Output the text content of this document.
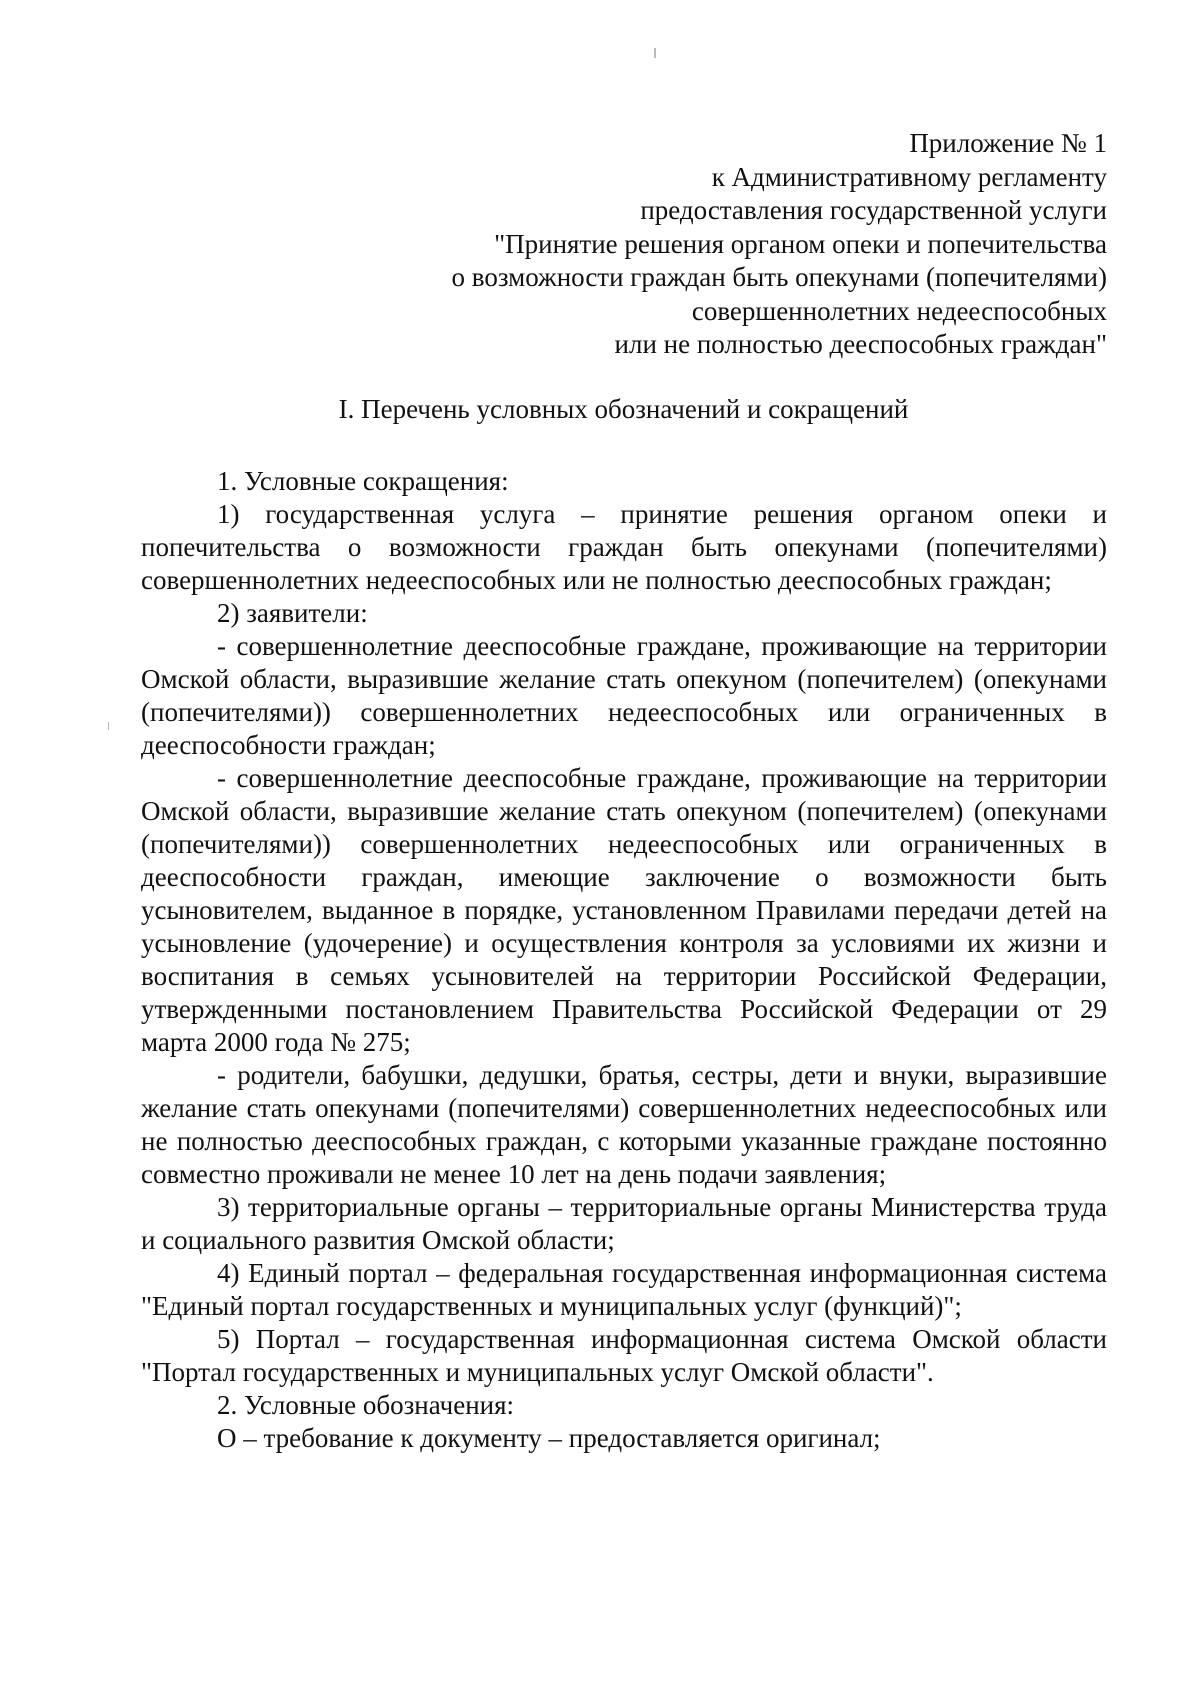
Приложение № 1
к Административному регламенту
предоставления государственной услуги
"Принятие решения органом опеки и попечительства
о возможности граждан быть опекунами (попечителями)
совершеннолетних недееспособных
или не полностью дееспособных граждан"
I. Перечень условных обозначений и сокращений

1. Условные сокращения:

1) государственная услуга – принятие решения органом опеки и попечительства о возможности граждан быть опекунами (попечителями) совершеннолетних недееспособных или не полностью дееспособных граждан;

2) заявители:

- совершеннолетние дееспособные граждане, проживающие на территории Омской области, выразившие желание стать опекуном (попечителем) (опекунами (попечителями)) совершеннолетних недееспособных или ограниченных в дееспособности граждан;

- совершеннолетние дееспособные граждане, проживающие на территории Омской области, выразившие желание стать опекуном (попечителем) (опекунами (попечителями)) совершеннолетних недееспособных или ограниченных в дееспособности граждан, имеющие заключение о возможности быть усыновителем, выданное в порядке, установленном Правилами передачи детей на усыновление (удочерение) и осуществления контроля за условиями их жизни и воспитания в семьях усыновителей на территории Российской Федерации, утвержденными постановлением Правительства Российской Федерации от 29 марта 2000 года № 275;

- родители, бабушки, дедушки, братья, сестры, дети и внуки, выразившие желание стать опекунами (попечителями) совершеннолетних недееспособных или не полностью дееспособных граждан, с которыми указанные граждане постоянно совместно проживали не менее 10 лет на день подачи заявления;

3) территориальные органы – территориальные органы Министерства труда и социального развития Омской области;

4) Единый портал – федеральная государственная информационная система "Единый портал государственных и муниципальных услуг (функций)";

5) Портал – государственная информационная система Омской области "Портал государственных и муниципальных услуг Омской области".

2. Условные обозначения:

О – требование к документу – предоставляется оригинал;
